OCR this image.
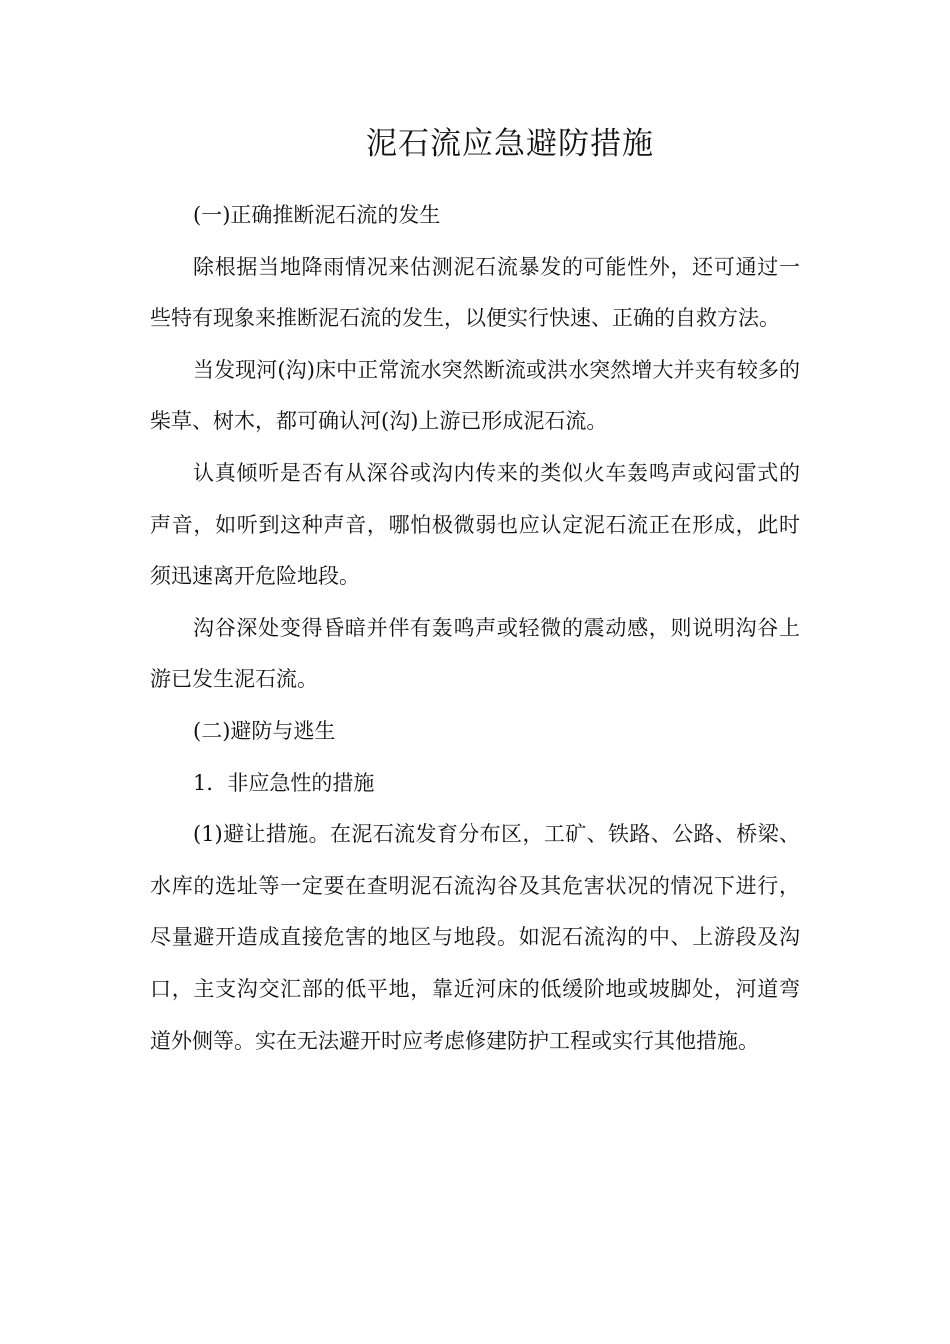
泥石流应急避防措施

(一)正确推断泥石流的发生

除根据当地降雨情况来估测泥石流暴发的可能性外，还可通过一些特有现象来推断泥石流的发生，以便实行快速、正确的自救方法。

当发现河(沟)床中正常流水突然断流或洪水突然增大并夹有较多的柴草、树木，都可确认河(沟)上游已形成泥石流。

认真倾听是否有从深谷或沟内传来的类似火车轰鸣声或闷雷式的声音，如听到这种声音，哪怕极微弱也应认定泥石流正在形成，此时须迅速离开危险地段。

沟谷深处变得昏暗并伴有轰鸣声或轻微的震动感，则说明沟谷上游已发生泥石流。

(二)避防与逃生

1．非应急性的措施

(1)避让措施。在泥石流发育分布区，工矿、铁路、公路、桥梁、水库的选址等一定要在查明泥石流沟谷及其危害状况的情况下进行，尽量避开造成直接危害的地区与地段。如泥石流沟的中、上游段及沟口，主支沟交汇部的低平地，靠近河床的低缓阶地或坡脚处，河道弯道外侧等。实在无法避开时应考虑修建防护工程或实行其他措施。
